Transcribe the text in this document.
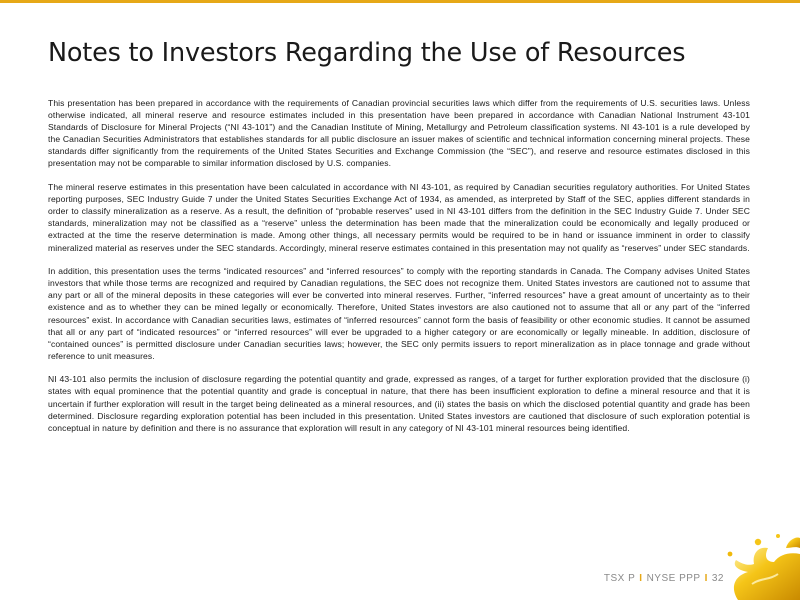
Notes to Investors Regarding the Use of Resources

This presentation has been prepared in accordance with the requirements of Canadian provincial securities laws which differ from the requirements of U.S. securities laws. Unless otherwise indicated, all mineral reserve and resource estimates included in this presentation have been prepared in accordance with Canadian National Instrument 43-101 Standards of Disclosure for Mineral Projects (“NI 43-101”) and the Canadian Institute of Mining, Metallurgy and Petroleum classification systems. NI 43-101 is a rule developed by the Canadian Securities Administrators that establishes standards for all public disclosure an issuer makes of scientific and technical information concerning mineral projects. These standards differ significantly from the requirements of the United States Securities and Exchange Commission (the “SEC”), and reserve and resource estimates disclosed in this presentation may not be comparable to similar information disclosed by U.S. companies.

The mineral reserve estimates in this presentation have been calculated in accordance with NI 43-101, as required by Canadian securities regulatory authorities. For United States reporting purposes, SEC Industry Guide 7 under the United States Securities Exchange Act of 1934, as amended, as interpreted by Staff of the SEC, applies different standards in order to classify mineralization as a reserve. As a result, the definition of “probable reserves” used in NI 43-101 differs from the definition in the SEC Industry Guide 7. Under SEC standards, mineralization may not be classified as a “reserve” unless the determination has been made that the mineralization could be economically and legally produced or extracted at the time the reserve determination is made. Among other things, all necessary permits would be required to be in hand or issuance imminent in order to classify mineralized material as reserves under the SEC standards. Accordingly, mineral reserve estimates contained in this presentation may not qualify as “reserves” under SEC standards.

In addition, this presentation uses the terms “indicated resources” and “inferred resources” to comply with the reporting standards in Canada. The Company advises United States investors that while those terms are recognized and required by Canadian regulations, the SEC does not recognize them. United States investors are cautioned not to assume that any part or all of the mineral deposits in these categories will ever be converted into mineral reserves. Further, “inferred resources” have a great amount of uncertainty as to their existence and as to whether they can be mined legally or economically. Therefore, United States investors are also cautioned not to assume that all or any part of the “inferred resources” exist. In accordance with Canadian securities laws, estimates of “inferred resources” cannot form the basis of feasibility or other economic studies. It cannot be assumed that all or any part of “indicated resources” or “inferred resources” will ever be upgraded to a higher category or are economically or legally mineable. In addition, disclosure of “contained ounces” is permitted disclosure under Canadian securities laws; however, the SEC only permits issuers to report mineralization as in place tonnage and grade without reference to unit measures.

NI 43-101 also permits the inclusion of disclosure regarding the potential quantity and grade, expressed as ranges, of a target for further exploration provided that the disclosure (i) states with equal prominence that the potential quantity and grade is conceptual in nature, that there has been insufficient exploration to define a mineral resource and that it is uncertain if further exploration will result in the target being delineated as a mineral resources, and (ii) states the basis on which the disclosed potential quantity and grade has been determined. Disclosure regarding exploration potential has been included in this presentation. United States investors are cautioned that disclosure of such exploration potential is conceptual in nature by definition and there is no assurance that exploration will result in any category of NI 43-101 mineral resources being identified.

TSX P I NYSE PPP I 32
